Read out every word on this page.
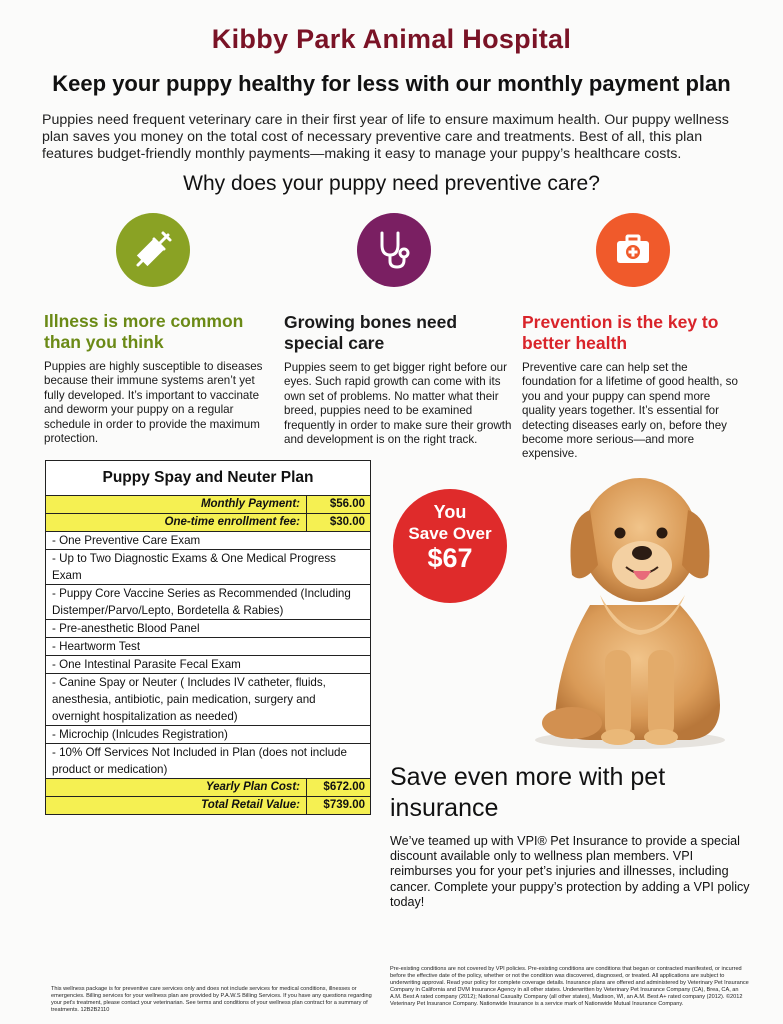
Kibby Park Animal Hospital
Keep your puppy healthy for less with our monthly payment plan
Puppies need frequent veterinary care in their first year of life to ensure maximum health. Our puppy wellness plan saves you money on the total cost of necessary preventive care and treatments. Best of all, this plan features budget-friendly monthly payments—making it easy to manage your puppy’s healthcare costs.
Why does your puppy need preventive care?
Illness is more common than you think
Growing bones need special care
Prevention is the key to better health
Puppies are highly susceptible to diseases because their immune systems aren’t yet fully developed. It’s important to vaccinate and deworm your puppy on a regular schedule in order to provide the maximum protection.
Puppies seem to get bigger right before our eyes. Such rapid growth can come with its own set of problems. No matter what their breed, puppies need to be examined frequently in order to make sure their growth and development is on the right track.
Preventive care can help set the foundation for a lifetime of good health, so you and your puppy can spend more quality years together. It’s essential for detecting diseases early on, before they become more serious—and more expensive.
Puppy Spay and Neuter Plan
Monthly Payment:	$56.00
One-time enrollment fee:	$30.00
- One Preventive Care Exam
- Up to Two Diagnostic Exams & One Medical Progress Exam
- Puppy Core Vaccine Series as Recommended (Including Distemper/Parvo/Lepto, Bordetella & Rabies)
- Pre-anesthetic Blood Panel
- Heartworm Test
- One Intestinal Parasite Fecal Exam
- Canine Spay or Neuter ( Includes IV catheter, fluids, anesthesia, antibiotic, pain medication, surgery and overnight hospitalization as needed)
- Microchip (Inlcudes Registration)
- 10% Off Services Not Included in Plan (does not include product or medication)
Yearly Plan Cost:	$672.00
Total Retail Value:	$739.00
You
Save Over
$67
Save even more with pet insurance
We’ve teamed up with VPI® Pet Insurance to provide a special discount available only to wellness plan members. VPI reimburses you for your pet’s injuries and illnesses, including cancer. Complete your puppy’s protection by adding a VPI policy today!
This wellness package is for preventive care services only and does not include services for medical conditions, illnesses or emergencies. Billing services for your wellness plan are provided by P.A.W.S Billing Services. If you have any questions regarding your pet's treatment, please contact your veterinarian. See terms and conditions of your wellness plan contract for a summary of treatments. 12B2B2110
Pre-existing conditions are not covered by VPI policies. Pre-existing conditions are conditions that began or contracted manifested, or incurred before the effective date of the policy, whether or not the condition was discovered, diagnosed, or treated. All applications are subject to underwriting approval. Read your policy for complete coverage details. Insurance plans are offered and administered by Veterinary Pet Insurance Company in California and DVM Insurance Agency in all other states. Underwritten by Veterinary Pet Insurance Company (CA), Brea, CA, an A.M. Best A rated company (2012); National Casualty Company (all other states), Madison, WI, an A.M. Best A+ rated company (2012). ©2012 Veterinary Pet Insurance Company. Nationwide Insurance is a service mark of Nationwide Mutual Insurance Company.
